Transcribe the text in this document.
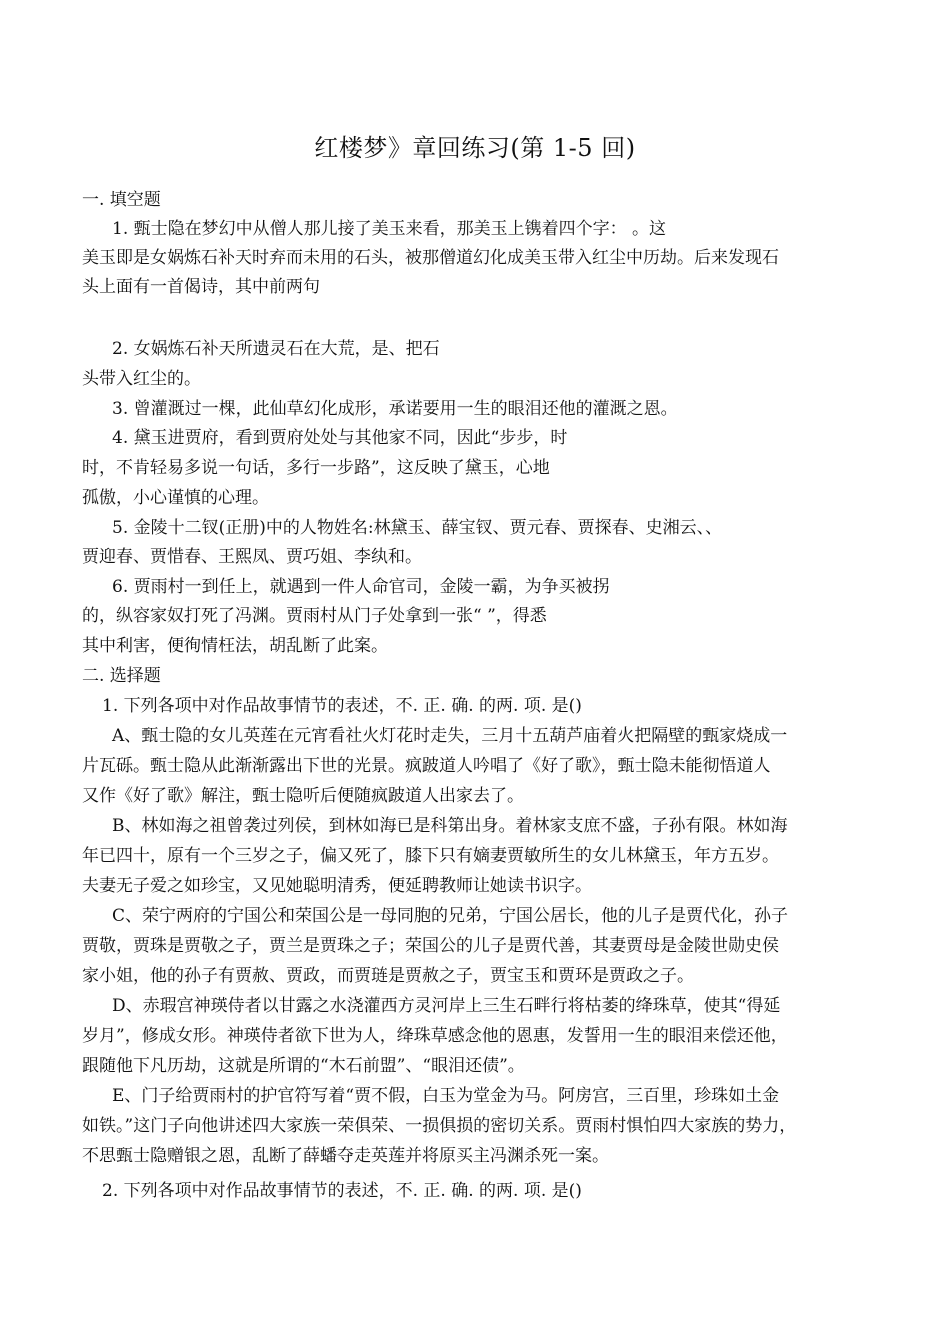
红楼梦》章回练习(第 1-5 回)
一. 填空题
1. 甄士隐在梦幻中从僧人那儿接了美玉来看，那美玉上镌着四个字： 。这
美玉即是女娲炼石补天时弃而未用的石头，被那僧道幻化成美玉带入红尘中历劫。后来发现石
头上面有一首偈诗，其中前两句
2. 女娲炼石补天所遗灵石在大荒，是、把石
头带入红尘的。
3. 曾灌溉过一棵，此仙草幻化成形，承诺要用一生的眼泪还他的灌溉之恩。
4. 黛玉进贾府，看到贾府处处与其他家不同，因此“步步，时
时，不肯轻易多说一句话，多行一步路”，这反映了黛玉，心地
孤傲，小心谨慎的心理。
5. 金陵十二钗(正册)中的人物姓名:林黛玉、薛宝钗、贾元春、贾探春、史湘云、、
贾迎春、贾惜春、王熙凤、贾巧姐、李纨和。
6. 贾雨村一到任上，就遇到一件人命官司，金陵一霸，为争买被拐
的，纵容家奴打死了冯渊。贾雨村从门子处拿到一张“ ”，得悉
其中利害，便徇情枉法，胡乱断了此案。
二. 选择题
1. 下列各项中对作品故事情节的表述，不. 正. 确. 的两. 项. 是()
A、甄士隐的女儿英莲在元宵看社火灯花时走失，三月十五葫芦庙着火把隔壁的甄家烧成一
片瓦砾。甄士隐从此渐渐露出下世的光景。疯跛道人吟唱了《好了歌》，甄士隐未能彻悟道人
又作《好了歌》解注，甄士隐听后便随疯跛道人出家去了。
B、林如海之祖曾袭过列侯，到林如海已是科第出身。着林家支庶不盛，子孙有限。林如海
年已四十，原有一个三岁之子，偏又死了，膝下只有嫡妻贾敏所生的女儿林黛玉，年方五岁。
夫妻无子爱之如珍宝，又见她聪明清秀，便延聘教师让她读书识字。
C、荣宁两府的宁国公和荣国公是一母同胞的兄弟，宁国公居长，他的儿子是贾代化，孙子
贾敬，贾珠是贾敬之子，贾兰是贾珠之子；荣国公的儿子是贾代善，其妻贾母是金陵世勋史侯
家小姐，他的孙子有贾赦、贾政，而贾琏是贾赦之子，贾宝玉和贾环是贾政之子。
D、赤瑕宫神瑛侍者以甘露之水浇灌西方灵河岸上三生石畔行将枯萎的绛珠草，使其“得延
岁月”，修成女形。神瑛侍者欲下世为人，绛珠草感念他的恩惠，发誓用一生的眼泪来偿还他，
跟随他下凡历劫，这就是所谓的“木石前盟”、“眼泪还债”。
E、门子给贾雨村的护官符写着“贾不假，白玉为堂金为马。阿房宫，三百里，珍珠如土金
如铁。”这门子向他讲述四大家族一荣俱荣、一损俱损的密切关系。贾雨村惧怕四大家族的势力，
不思甄士隐赠银之恩，乱断了薛蟠夺走英莲并将原买主冯渊杀死一案。
2. 下列各项中对作品故事情节的表述，不. 正. 确. 的两. 项. 是()
